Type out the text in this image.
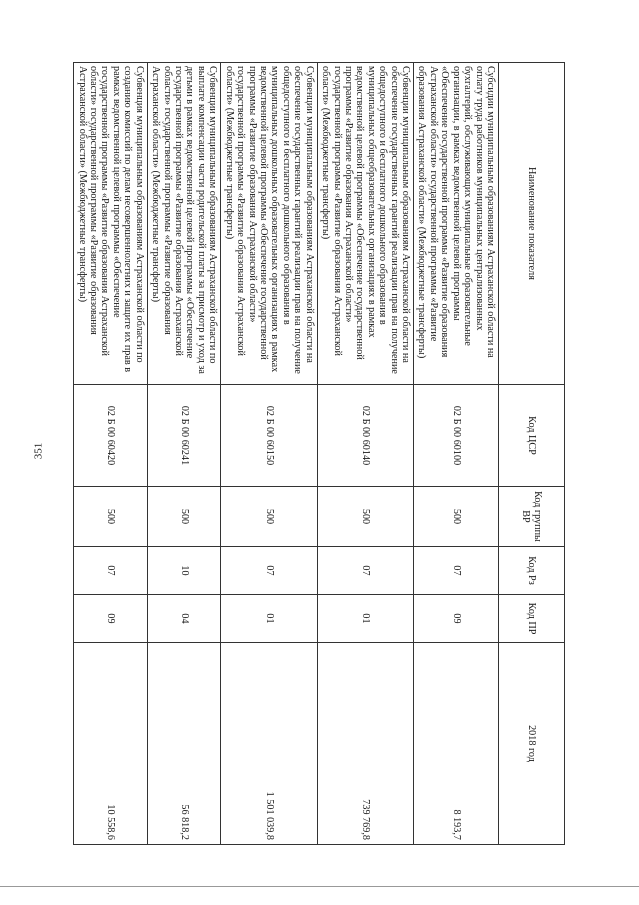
351
Наименование показателя	Код ЦСР	Код группы ВР	Код Рз	Код ПР	2018 год
Субсидии муниципальным образованиям Астраханской области на оплату труда работников муниципальных централизованных бухгалтерий, обслуживающих муниципальные образовательные организации, в рамках ведомственной целевой программы «Обеспечение государственной программы «Развитие образования Астраханской области» государственной программы «Развитие образования Астраханской области» (Межбюджетные трансферты)	02 Б 00 60100	500	07	09	8 193,7
Субвенции муниципальным образованиям Астраханской области на обеспечение государственных гарантий реализации прав на получение общедоступного и бесплатного дошкольного образования в муниципальных общеобразовательных организациях в рамках ведомственной целевой программы «Обеспечение государственной программы «Развитие образования Астраханской области» государственной программы «Развитие образования Астраханской области» (Межбюджетные трансферты)	02 Б 00 60140	500	07	01	739 769,8
Субвенции муниципальным образованиям Астраханской области на обеспечение государственных гарантий реализации прав на получение общедоступного и бесплатного дошкольного образования в муниципальных дошкольных образовательных организациях в рамках ведомственной целевой программы «Обеспечение государственной программы «Развитие образования Астраханской области» государственной программы «Развитие образования Астраханской области» (Межбюджетные трансферты)	02 Б 00 60150	500	07	01	1 501 039,8
Субвенции муниципальным образованиям Астраханской области по выплате компенсации части родительской платы за присмотр и уход за детьми в рамках ведомственной целевой программы «Обеспечение государственной программы «Развитие образования Астраханской области» государственной программы «Развитие образования Астраханской области» (Межбюджетные трансферты)	02 Б 00 60241	500	10	04	56 818,2
Субвенция муниципальным образованиям Астраханской области по созданию комиссий по делам несовершеннолетних и защите их прав в рамках ведомственной целевой программы «Обеспечение государственной программы «Развитие образования Астраханской области» государственной программы «Развитие образования Астраханской области» (Межбюджетные трансферты)	02 Б 00 60420	500	07	09	10 558,6
